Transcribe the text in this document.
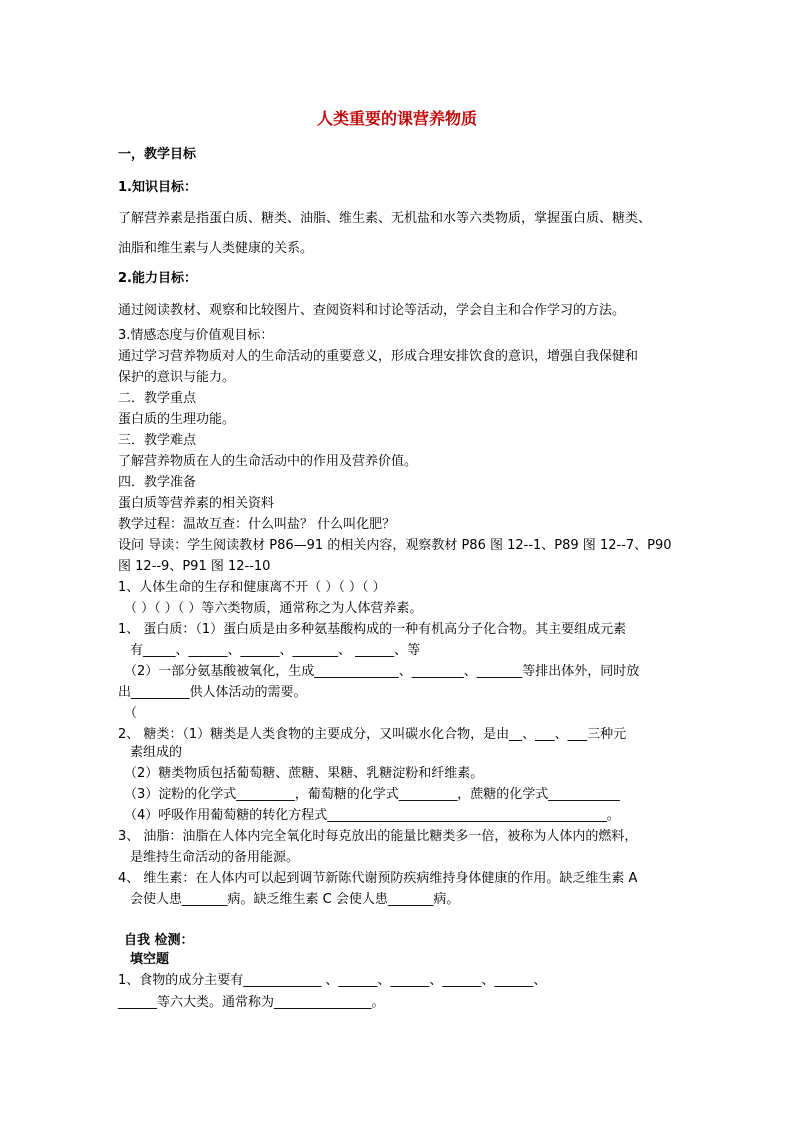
人类重要的课营养物质
一，教学目标
1.知识目标：
了解营养素是指蛋白质、糖类、油脂、维生素、无机盐和水等六类物质，掌握蛋白质、糖类、
油脂和维生素与人类健康的关系。
2.能力目标：
通过阅读教材、观察和比较图片、查阅资料和讨论等活动，学会自主和合作学习的方法。
3.情感态度与价值观目标：
通过学习营养物质对人的生命活动的重要意义，形成合理安排饮食的意识，增强自我保健和
保护的意识与能力。
二．教学重点
蛋白质的生理功能。
三．教学难点
了解营养物质在人的生命活动中的作用及营养价值。
四．教学准备
蛋白质等营养素的相关资料
教学过程：温故互查：什么叫盐？ 什么叫化肥？
设问 导读：学生阅读教材 P86—91 的相关内容，观察教材 P86 图 12--1、P89 图 12--7、P90
图 12--9、P91 图 12--10
1、人体生命的生存和健康离不开（ ）（ ）（ ）
（ ）（ ）（ ）等六类物质，通常称之为人体营养素。
1、 蛋白质：（1）蛋白质是由多种氨基酸构成的一种有机高分子化合物。其主要组成元素
有_____、______、______、_______、 ______、等
（2）一部分氨基酸被氧化，生成_____________、________、_______等排出体外，同时放
出_________供人体活动的需要。
（
2、 糖类：（1）糖类是人类食物的主要成分，又叫碳水化合物，是由__、___、___三种元
素组成的
（2）糖类物质包括葡萄糖、蔗糖、果糖、乳糖淀粉和纤维素。
（3）淀粉的化学式_________，葡萄糖的化学式_________，蔗糖的化学式___________
（4）呼吸作用葡萄糖的转化方程式___________________________________________。
3、 油脂：油脂在人体内完全氧化时每克放出的能量比糖类多一倍，被称为人体内的燃料，
是维持生命活动的备用能源。
4、 维生素：在人体内可以起到调节新陈代谢预防疾病维持身体健康的作用。缺乏维生素 A
会使人患_______病。缺乏维生素 C 会使人患_______病。
自我 检测：
填空题
1、食物的成分主要有____________ 、______、______、______、______、
______等六大类。通常称为_______________。
